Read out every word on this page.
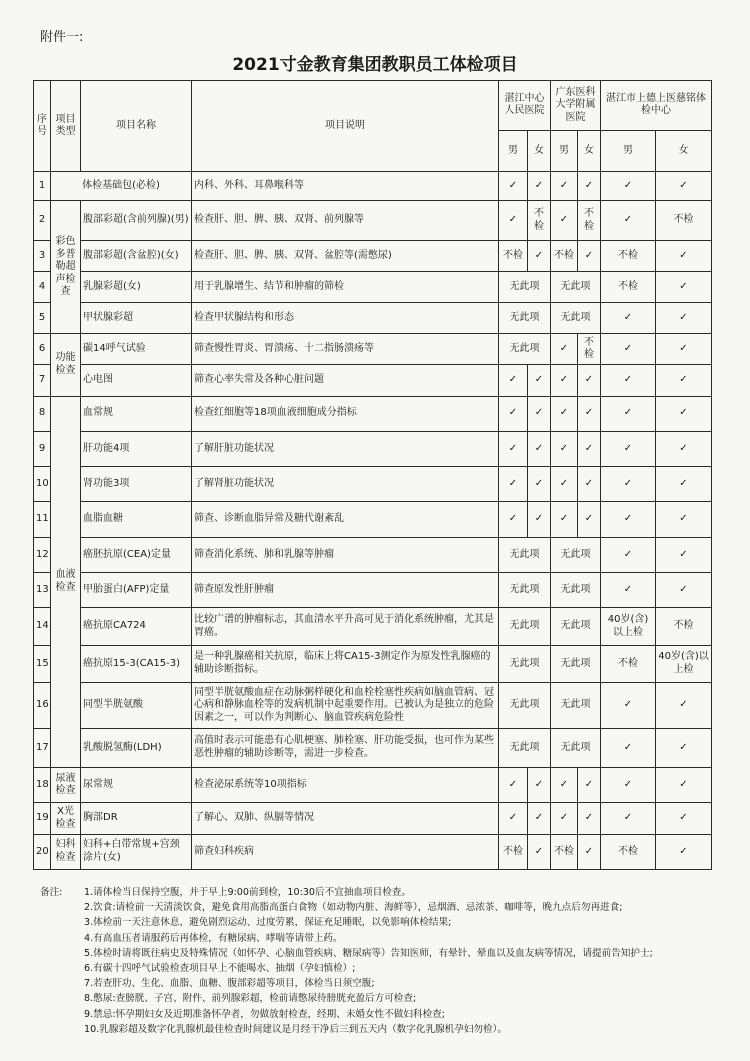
附件一:
2021寸金教育集团教职员工体检项目
序号	项目类型	项目名称	项目说明	湛江中心人民医院		广东医科大学附属医院		湛江市上德上医慈铭体检中心	
				男	女	男	女	男	女
1	体检基础包(必检)		内科、外科、耳鼻喉科等	✓	✓	✓	✓	✓	✓
2	彩色多普勒超声检查	腹部彩超(含前列腺)(男)	检查肝、胆、脾、胰、双肾、前列腺等	✓	不检	✓	不检	✓	不检
3		腹部彩超(含盆腔)(女)	检查肝、胆、脾、胰、双肾、盆腔等(需憋尿)	不检	✓	不检	✓	不检	✓
4		乳腺彩超(女)	用于乳腺增生、结节和肿瘤的筛检	无此项		无此项		不检	✓
5		甲状腺彩超	检查甲状腺结构和形态	无此项		无此项		✓	✓
6	功能检查	碳14呼气试验	筛查慢性胃炎、胃溃疡、十二指肠溃疡等	无此项		✓	不检	✓	✓
7		心电图	筛查心率失常及各种心脏问题	✓	✓	✓	✓	✓	✓
8	血液检查	血常规	检查红细胞等18项血液细胞成分指标	✓	✓	✓	✓	✓	✓
9		肝功能4项	了解肝脏功能状况	✓	✓	✓	✓	✓	✓
10		肾功能3项	了解肾脏功能状况	✓	✓	✓	✓	✓	✓
11		血脂血糖	筛查、诊断血脂异常及糖代谢紊乱	✓	✓	✓	✓	✓	✓
12		癌胚抗原(CEA)定量	筛查消化系统、肺和乳腺等肿瘤	无此项		无此项		✓	✓
13		甲胎蛋白(AFP)定量	筛查原发性肝肿瘤	无此项		无此项		✓	✓
14		癌抗原CA724	比较广谱的肿瘤标志，其血清水平升高可见于消化系统肿瘤，尤其是胃癌。	无此项		无此项		40岁(含)以上检	不检
15		癌抗原15-3(CA15-3)	是一种乳腺癌相关抗原，临床上将CA15-3测定作为原发性乳腺癌的辅助诊断指标。	无此项		无此项		不检	40岁(含)以上检
16		同型半胱氨酸	同型半胱氨酸血症在动脉粥样硬化和血栓栓塞性疾病如脑血管病、冠心病和静脉血栓等的发病机制中起重要作用。已被认为是独立的危险因素之一，可以作为判断心、脑血管疾病危险性	无此项		无此项		✓	✓
17		乳酸脱氢酶(LDH)	高值时表示可能患有心肌梗塞、肺栓塞、肝功能受损，也可作为某些恶性肿瘤的辅助诊断等，需进一步检查。	无此项		无此项		✓	✓
18	尿液检查	尿常规	检查泌尿系统等10项指标	✓	✓	✓	✓	✓	✓
19	X光检查	胸部DR	了解心、双肺、纵膈等情况	✓	✓	✓	✓	✓	✓
20	妇科检查	妇科+白带常规+宫颈涂片(女)	筛查妇科疾病	不检	✓	不检	✓	不检	✓
备注:	1.请体检当日保持空腹，并于早上9:00前到检，10:30后不宜抽血项目检查。
2.饮食:请检前一天清淡饮食，避免食用高脂高蛋白食物（如动物内脏、海鲜等），忌烟酒、忌浓茶、咖啡等，晚九点后勿再进食;
3.体检前一天注意休息，避免剧烈运动、过度劳累，保证充足睡眠，以免影响体检结果;
4.有高血压者请服药后再体检，有糖尿病、哮喘等请带上药。
5.体检时请将既往病史及特殊情况（如怀孕、心脑血管疾病、糖尿病等）告知医师，有晕针、晕血以及血友病等情况，请提前告知护士;
6.有碳十四呼气试验检查项目早上不能喝水、抽烟（孕妇慎检）;
7.若查肝功、生化、血脂、血糖、腹部彩超等项目，体检当日须空腹;
8.憋尿:查膀胱、子宫、附件、前列腺彩超，检前请憋尿待膀胱充盈后方可检查;
9.禁忌:怀孕期妇女及近期准备怀孕者，勿做放射检查，经期、未婚女性不做妇科检查;
10.乳腺彩超及数字化乳腺机最佳检查时间建议是月经干净后三到五天内（数字化乳腺机孕妇勿检）。
